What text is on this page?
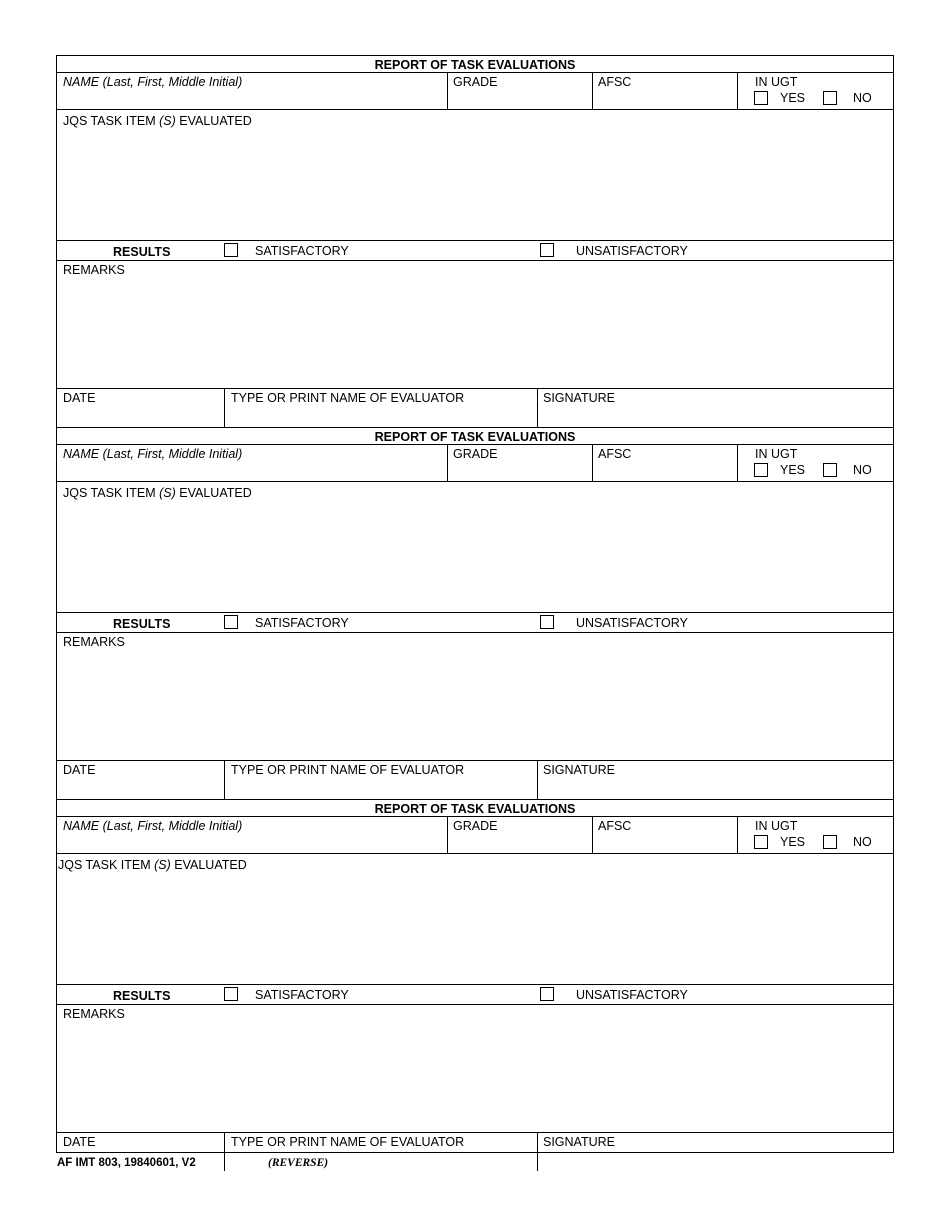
REPORT OF TASK EVALUATIONS
NAME (Last, First, Middle Initial)	GRADE	AFSC	IN UGT
YES	NO
JQS TASK ITEM (S) EVALUATED
RESULTS	SATISFACTORY	UNSATISFACTORY
REMARKS
DATE	TYPE OR PRINT NAME OF EVALUATOR	SIGNATURE
REPORT OF TASK EVALUATIONS
NAME (Last, First, Middle Initial)	GRADE	AFSC	IN UGT
YES	NO
JQS TASK ITEM (S) EVALUATED
RESULTS	SATISFACTORY	UNSATISFACTORY
REMARKS
DATE	TYPE OR PRINT NAME OF EVALUATOR	SIGNATURE
REPORT OF TASK EVALUATIONS
NAME (Last, First, Middle Initial)	GRADE	AFSC	IN UGT
YES	NO
JQS TASK ITEM (S) EVALUATED
RESULTS	SATISFACTORY	UNSATISFACTORY
REMARKS
DATE	TYPE OR PRINT NAME OF EVALUATOR	SIGNATURE
AF IMT 803, 19840601, V2	(REVERSE)
